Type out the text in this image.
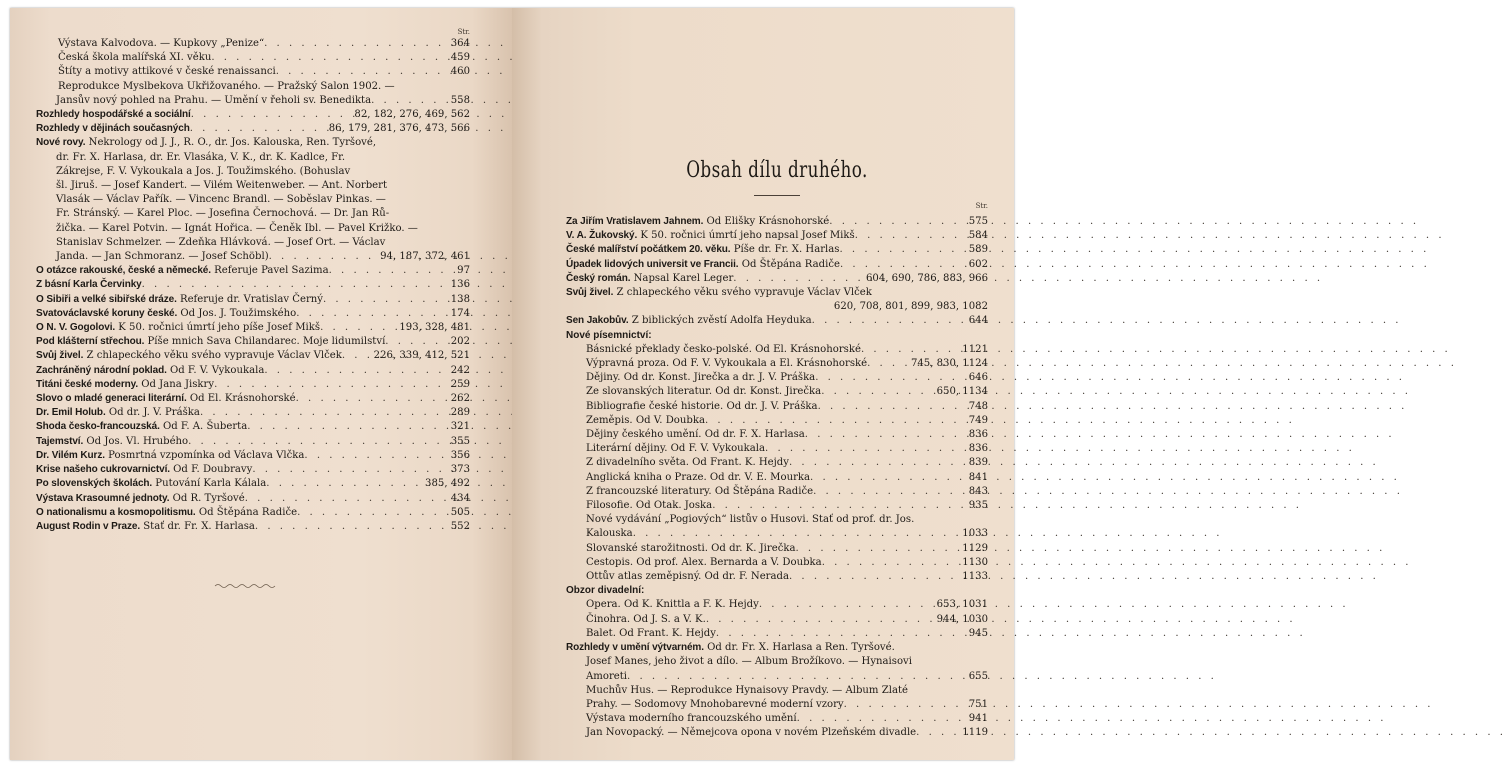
Str.
Výstava Kalvodova. — Kupkovy „Penize“ . . .	364
Česká škola malířská XI. věku . . .	459
Štíty a motivy attikové v české renaissanci . . .	460
Reprodukce Myslbekova Ukřižovaného. — Pražský Salon 1902. —
Jansův nový pohled na Prahu. — Umění v řeholi sv. Benedikta . . .	558
Rozhledy hospodářské a sociální . . .	82, 182, 276, 469, 562
Rozhledy v dějinách současných . . .	86, 179, 281, 376, 473, 566
Nové rovy. Nekrology od J. J., R. O., dr. Jos. Kalouska, Ren. Tyršové,
dr. Fr. X. Harlasa, dr. Er. Vlasáka, V. K., dr. K. Kadlce, Fr.
Zákrejse, F. V. Vykoukala a Jos. J. Toužimského. (Bohuslav
šl. Jiruš. — Josef Kandert. — Vilém Weitenweber. — Ant. Norbert
Vlasák — Václav Pařík. — Vincenc Brandl. — Soběslav Pinkas. —
Fr. Stránský. — Karel Ploc. — Josefina Černochová. — Dr. Jan Rů-
žička. — Karel Potvin. — Ignát Hořica. — Čeněk Ibl. — Pavel Križko. —
Stanislav Schmelzer. — Zdeňka Hlávková. — Josef Ort. — Václav
Janda. — Jan Schmoranz. — Josef Schöbl) . . .	94, 187, 372, 461
O otázce rakouské, české a německé. Referuje Pavel Sazima . . .	97
Z básní Karla Červinky . . .	136
O Sibiři a velké sibiřské dráze. Referuje dr. Vratislav Černý . . .	138
Svatováclavské koruny české. Od Jos. J. Toužimského . . .	174
O N. V. Gogolovi. K 50. ročnici úmrtí jeho píše Josef Mikš . . .	193, 328, 481
Pod klášterní střechou. Píše mnich Sava Chilandarec. Moje lidumilství . . .	202
Svůj živel. Z chlapeckého věku svého vypravuje Václav Vlček . . .	226, 339, 412, 521
Zachráněný národní poklad. Od F. V. Vykoukala . . .	242
Titáni české moderny. Od Jana Jiskry . . .	259
Slovo o mladé generaci literární. Od El. Krásnohorské . . .	262
Dr. Emil Holub. Od dr. J. V. Práška . . .	289
Shoda česko-francouzská. Od F. A. Šuberta . . .	321
Tajemství. Od Jos. Vl. Hrubého . . .	355
Dr. Vilém Kurz. Posmrtná vzpomínka od Václava Vlčka . . .	356
Krise našeho cukrovarnictví. Od F. Doubravy . . .	373
Po slovenských školách. Putování Karla Kálala . . .	385, 492
Výstava Krasoumné jednoty. Od R. Tyršové . . .	434
O nationalismu a kosmopolitismu. Od Štěpána Radiče . . .	505
August Rodin v Praze. Stať dr. Fr. X. Harlasa . . .	552
Obsah dílu druhého.
Str.
Za Jiřím Vratislavem Jahnem. Od Elišky Krásnohorské . . .	575
V. A. Žukovský. K 50. ročnici úmrtí jeho napsal Josef Mikš . . .	584
České malířství počátkem 20. věku. Píše dr. Fr. X. Harlas . . .	589
Úpadek lidových universit ve Francii. Od Štěpána Radiče . . .	602
Český román. Napsal Karel Leger . . .	604, 690, 786, 883, 966
Svůj živel. Z chlapeckého věku svého vypravuje Václav Vlček
620, 708, 801, 899, 983, 1082
Sen Jakobův. Z biblických zvěstí Adolfa Heyduka . . .	644
Nové písemnictví:
Básnické překlady česko-polské. Od El. Krásnohorské . . .	1121
Výpravná proza. Od F. V. Vykoukala a El. Krásnohorské . . .	745, 830, 1124
Dějiny. Od dr. Konst. Jirečka a dr. J. V. Práška . . .	646
Ze slovanských literatur. Od dr. Konst. Jirečka . . .	650, 1134
Bibliografie české historie. Od dr. J. V. Práška . . .	748
Zeměpis. Od V. Doubka . . .	749
Dějiny českého umění. Od dr. F. X. Harlasa . . .	836
Literární dějiny. Od F. V. Vykoukala . . .	836
Z divadelního světa. Od Frant. K. Hejdy . . .	839
Anglická kniha o Praze. Od dr. V. E. Mourka . . .	841
Z francouzské literatury. Od Štěpána Radiče . . .	843
Filosofie. Od Otak. Joska . . .	935
Nové vydávání „Pogiových“ listův o Husovi. Stať od prof. dr. Jos.
Kalouska . . .	1033
Slovanské starožitnosti. Od dr. K. Jirečka . . .	1129
Cestopis. Od prof. Alex. Bernarda a V. Doubka . . .	1130
Ottův atlas zeměpisný. Od dr. F. Nerada . . .	1133
Obzor divadelní:
Opera. Od K. Knittla a F. K. Hejdy . . .	653, 1031
Činohra. Od J. S. a V. K. . . .	944, 1030
Balet. Od Frant. K. Hejdy . . .	945
Rozhledy v umění výtvarném. Od dr. Fr. X. Harlasa a Ren. Tyršové.
Josef Manes, jeho život a dílo. — Album Brožíkovo. — Hynaisovi
Amoreti . . .	655
Muchův Hus. — Reprodukce Hynaisovy Pravdy. — Album Zlaté
Prahy. — Sodomovy Mnohobarevné moderní vzory . . .	751
Výstava moderního francouzského umění . . .	941
Jan Novopacký. — Němejcova opona v novém Plzeňském divadle . . .	1119
